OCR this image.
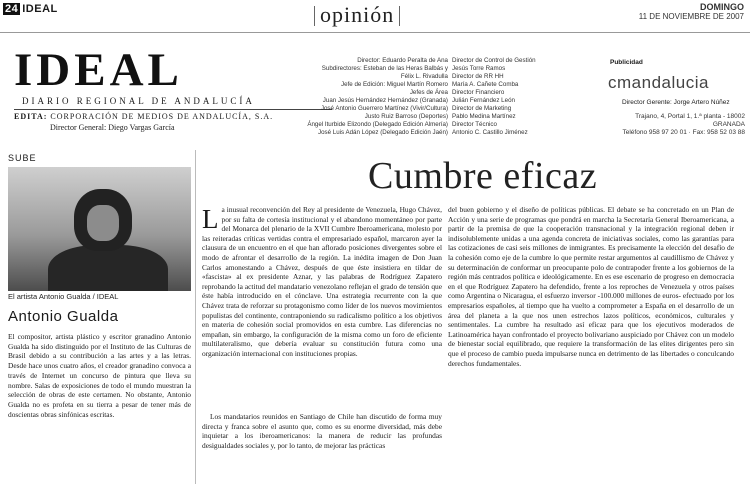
24 IDEAL	opinión	DOMINGO
11 DE NOVIEMBRE DE 2007
IDEAL
DIARIO REGIONAL DE ANDALUCÍA
EDITA: CORPORACIÓN DE MEDIOS DE ANDALUCÍA, S.A.
Director General: Diego Vargas García
Director: Eduardo Peralta de Ana
Subdirectores: Esteban de las Heras Balbás y
Félix L. Rivadulla
Jefe de Edición: Miguel Martín Romero
Jefes de Área
Juan Jesús Hernández Hernández (Granada)
José Antonio Guerrero Martínez (Vivir/Cultura)
Justo Ruiz Barroso (Deportes)
Ángel Iturbide Elizondo (Delegado Edición Almería)
José Luis Adán López (Delegado Edición Jaén)
Director de Control de Gestión
Jesús Torre Ramos
Director de RR HH
María A. Cañete Comba
Director Financiero
Julián Fernández León
Director de Marketing
Pablo Medina Martínez
Director Técnico
Antonio C. Castillo Jiménez
Publicidad
cmandalucia
Director Gerente: Jorge Artero Núñez
Trajano, 4, Portal 1, 1.ª planta - 18002 GRANADA
Teléfono 958 97 20 01 · Fax: 958 52 03 88
SUBE
El artista Antonio Gualda / IDEAL
Antonio Gualda
El compositor, artista plástico y escritor granadino Antonio Gualda ha sido distinguido por el Instituto de las Culturas de Brasil debido a su contribución a las artes y a las letras. Desde hace unos cuatro años, el creador granadino convoca a través de Internet un concurso de pintura que lleva su nombre. Salas de exposiciones de todo el mundo muestran la selección de obras de este certamen. No obstante, Antonio Gualda no es profeta en su tierra a pesar de tener más de doscientas obras sinfónicas escritas.
Cumbre eficaz
La inusual reconvención del Rey al presidente de Venezuela, Hugo Chávez, por su falta de cortesía institucional y el abandono momentáneo por parte del Monarca del plenario de la XVII Cumbre Iberoamericana, molesto por las reiteradas críticas vertidas contra el empresariado español, marcaron ayer la clausura de un encuentro en el que han aflorado posiciones divergentes sobre el modo de afrontar el desarrollo de la región. La inédita imagen de Don Juan Carlos amonestando a Chávez, después de que éste insistiera en tildar de «fascista» al ex presidente Aznar, y las palabras de Rodríguez Zapatero reprobando la actitud del mandatario venezolano reflejan el grado de tensión que éste había introducido en el cónclave. Una estrategia recurrente con la que Chávez trata de reforzar su protagonismo como líder de los nuevos movimientos populistas del continente, contraponiendo su radicalismo político a los objetivos en materia de cohesión social promovidos en esta cumbre. Las diferencias no empañan, sin embargo, la configuración de la misma como un foro de eficiente multilateralismo, que debería evaluar su constitución futura como una organización internacional con instituciones propias.

Los mandatarios reunidos en Santiago de Chile han discutido de forma muy directa y franca sobre el asunto que, como es su enorme diversidad, más debe inquietar a los iberoamericanos: la manera de reducir las profundas desigualdades sociales y, por lo tanto, de mejorar las prácticas

del buen gobierno y el diseño de políticas públicas. El debate se ha concretado en un Plan de Acción y una serie de programas que pondrá en marcha la Secretaría General Iberoamericana, a partir de la premisa de que la cooperación transnacional y la integración regional deben ir indisolublemente unidas a una agenda concreta de iniciativas sociales, como las garantías para las cotizaciones de casi seis millones de inmigrantes. Es precisamente la elección del desafío de la cohesión como eje de la cumbre lo que permite restar argumentos al caudillismo de Chávez y su determinación de conformar un preocupante polo de contrapoder frente a los gobiernos de la región más centrados política e ideológicamente. En es ese escenario de progreso en democracia en el que Rodríguez Zapatero ha defendido, frente a los reproches de Venezuela y otros países como Argentina o Nicaragua, el esfuerzo inversor -100.000 millones de euros- efectuado por los empresarios españoles, al tiempo que ha vuelto a comprometer a España en el desarrollo de un área del planeta a la que nos unen estrechos lazos políticos, económicos, culturales y sentimentales. La cumbre ha resultado así eficaz para que los ejecutivos moderados de Latinoamérica hayan confrontado el proyecto bolivariano auspiciado por Chávez con un modelo de bienestar social equilibrado, que requiere la transformación de las elites dirigentes pero sin que el proceso de cambio pueda impulsarse nunca en detrimento de las libertades o conculcando derechos fundamentales.
